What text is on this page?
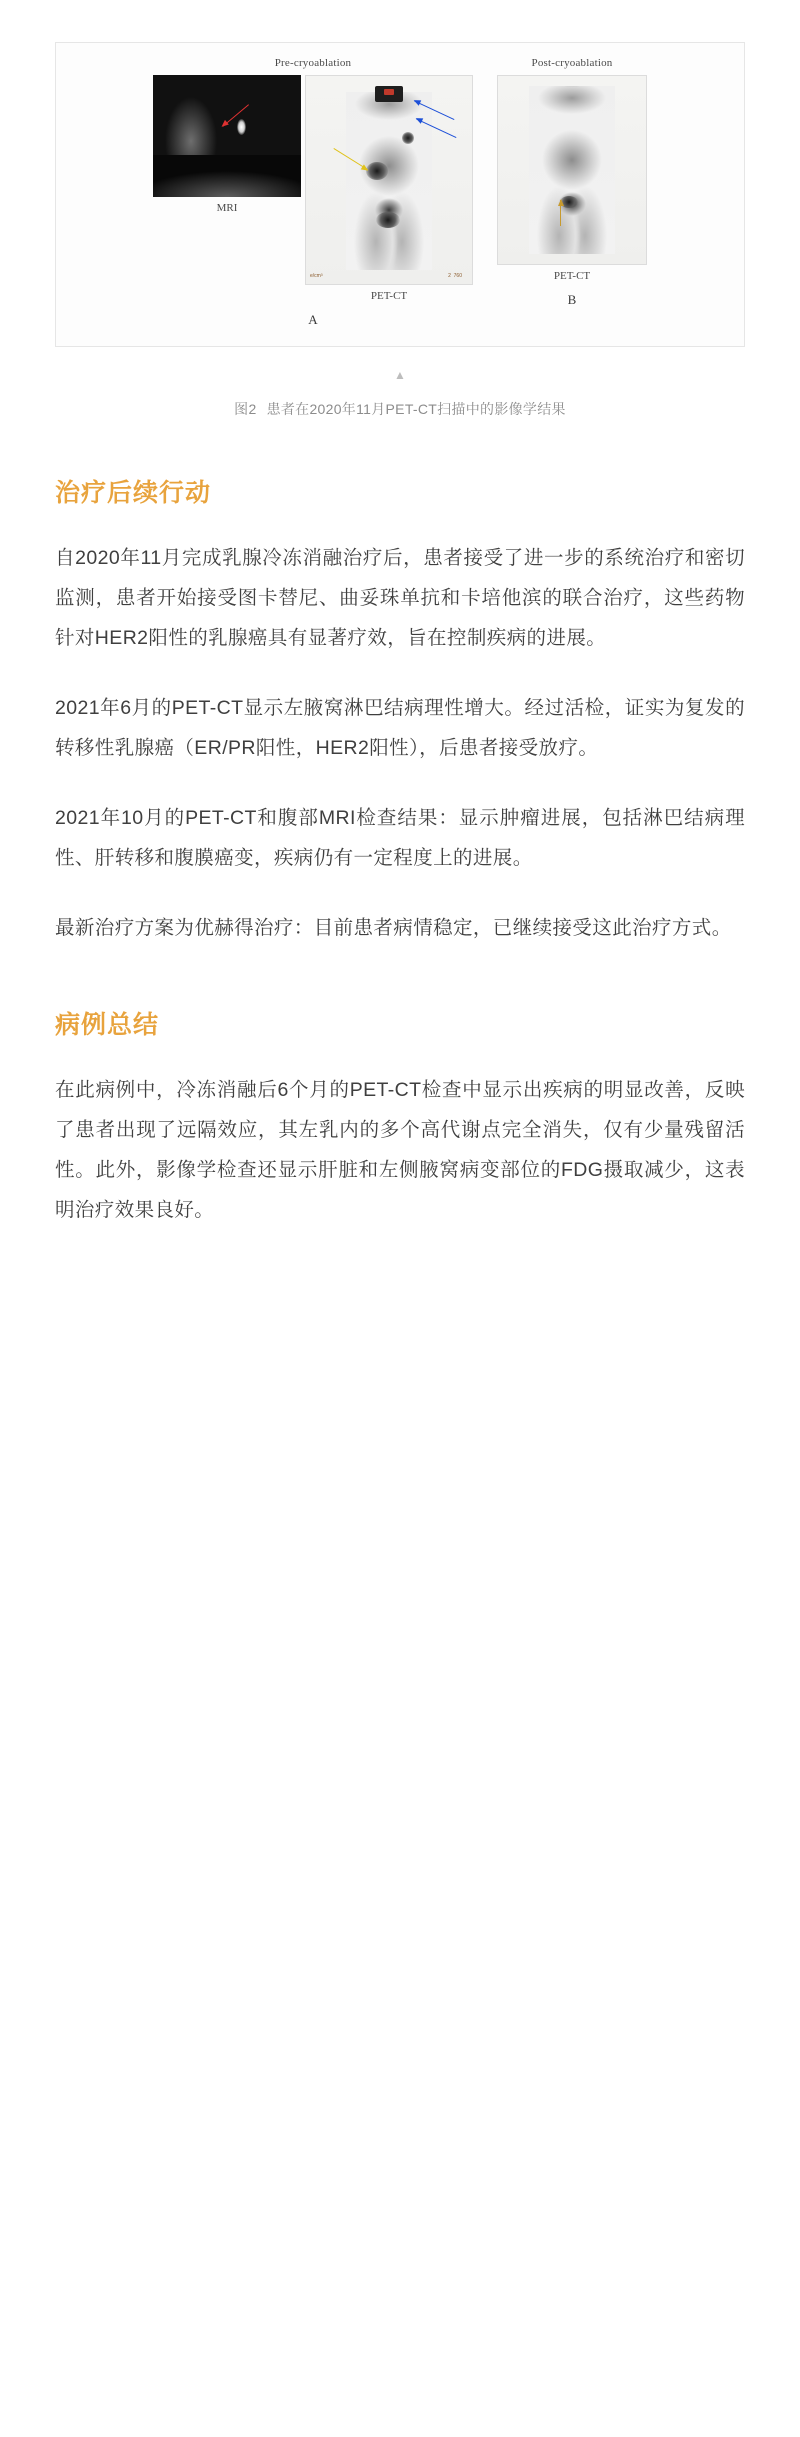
Pre-cryoablation
MRI
e/cm³	2  760
PET-CT
A
Post-cryoablation
PET-CT
B
▲
图2 患者在2020年11月PET-CT扫描中的影像学结果
治疗后续行动

自2020年11月完成乳腺冷冻消融治疗后，患者接受了进一步的系统治疗和密切监测，患者开始接受图卡替尼、曲妥珠单抗和卡培他滨的联合治疗，这些药物针对HER2阳性的乳腺癌具有显著疗效，旨在控制疾病的进展。

2021年6月的PET-CT显示左腋窝淋巴结病理性增大。经过活检，证实为复发的转移性乳腺癌（ER/PR阳性，HER2阳性），后患者接受放疗。

2021年10月的PET-CT和腹部MRI检查结果：显示肿瘤进展，包括淋巴结病理性、肝转移和腹膜癌变，疾病仍有一定程度上的进展。

最新治疗方案为优赫得治疗：目前患者病情稳定，已继续接受这此治疗方式。

病例总结

在此病例中，冷冻消融后6个月的PET-CT检查中显示出疾病的明显改善，反映了患者出现了远隔效应，其左乳内的多个高代谢点完全消失，仅有少量残留活性。此外，影像学检查还显示肝脏和左侧腋窝病变部位的FDG摄取减少，这表明治疗效果良好。
